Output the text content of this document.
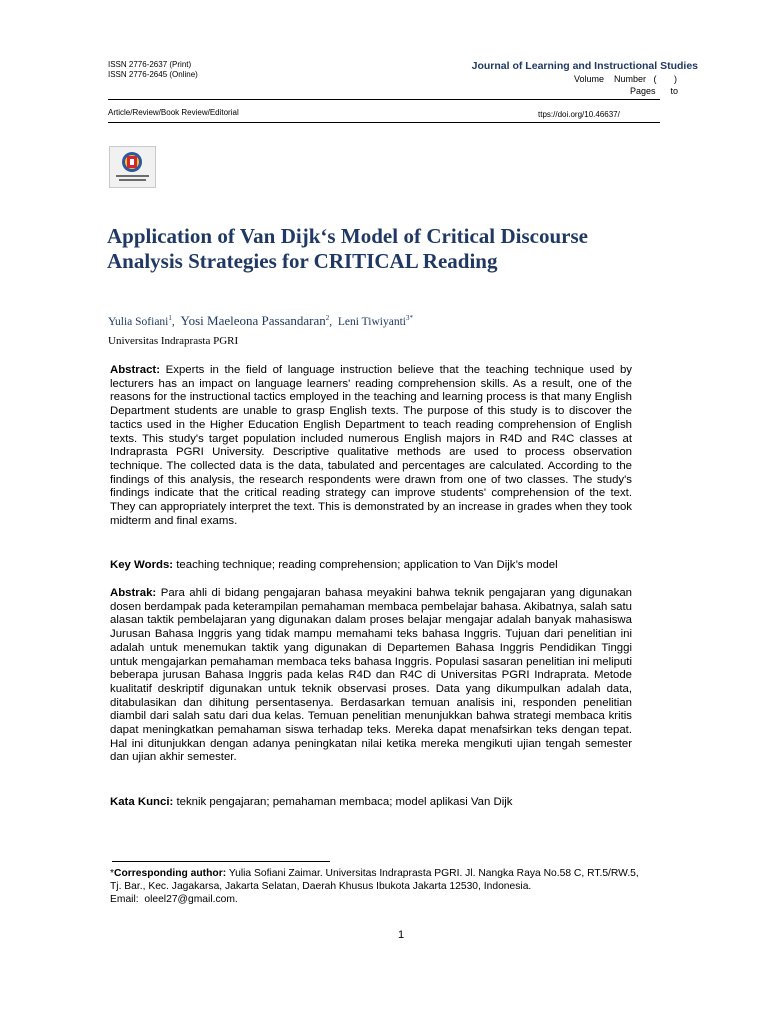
ISSN 2776-2637 (Print)
ISSN 2776-2645 (Online)
Journal of Learning and Instructional Studies
Volume    Number   (       )
Pages      to
Article/Review/Book Review/Editorial	ttps://doi.org/10.46637/
Application of Van Dijk‘s Model of Critical Discourse Analysis Strategies for CRITICAL Reading
Yulia Sofiani$^1$,  Yosi Maeleona Passandaran$^2$,  Leni Tiwiyanti$^{3*}$
Universitas Indraprasta PGRI
Abstract: Experts in the field of language instruction believe that the teaching technique used by lecturers has an impact on language learners' reading comprehension skills. As a result, one of the reasons for the instructional tactics employed in the teaching and learning process is that many English Department students are unable to grasp English texts. The purpose of this study is to discover the tactics used in the Higher Education English Department to teach reading comprehension of English texts. This study's target population included numerous English majors in R4D and R4C classes at Indraprasta PGRI University. Descriptive qualitative methods are used to process observation technique. The collected data is the data, tabulated and percentages are calculated. According to the findings of this analysis, the research respondents were drawn from one of two classes. The study's findings indicate that the critical reading strategy can improve students' comprehension of the text. They can appropriately interpret the text. This is demonstrated by an increase in grades when they took midterm and final exams.
Key Words: teaching technique; reading comprehension; application to Van Dijk’s model
Abstrak: Para ahli di bidang pengajaran bahasa meyakini bahwa teknik pengajaran yang digunakan dosen berdampak pada keterampilan pemahaman membaca pembelajar bahasa. Akibatnya, salah satu alasan taktik pembelajaran yang digunakan dalam proses belajar mengajar adalah banyak mahasiswa Jurusan Bahasa Inggris yang tidak mampu memahami teks bahasa Inggris. Tujuan dari penelitian ini adalah untuk menemukan taktik yang digunakan di Departemen Bahasa Inggris Pendidikan Tinggi untuk mengajarkan pemahaman membaca teks bahasa Inggris. Populasi sasaran penelitian ini meliputi beberapa jurusan Bahasa Inggris pada kelas R4D dan R4C di Universitas PGRI Indraprata. Metode kualitatif deskriptif digunakan untuk teknik observasi proses. Data yang dikumpulkan adalah data, ditabulasikan dan dihitung persentasenya. Berdasarkan temuan analisis ini, responden penelitian diambil dari salah satu dari dua kelas. Temuan penelitian menunjukkan bahwa strategi membaca kritis dapat meningkatkan pemahaman siswa terhadap teks. Mereka dapat menafsirkan teks dengan tepat. Hal ini ditunjukkan dengan adanya peningkatan nilai ketika mereka mengikuti ujian tengah semester dan ujian akhir semester.
Kata Kunci: teknik pengajaran; pemahaman membaca; model aplikasi Van Dijk
*Corresponding author: Yulia Sofiani Zaimar. Universitas Indraprasta PGRI. Jl. Nangka Raya No.58 C, RT.5/RW.5, Tj. Bar., Kec. Jagakarsa, Jakarta Selatan, Daerah Khusus Ibukota Jakarta 12530, Indonesia.
Email: oleel27@gmail.com.
1
